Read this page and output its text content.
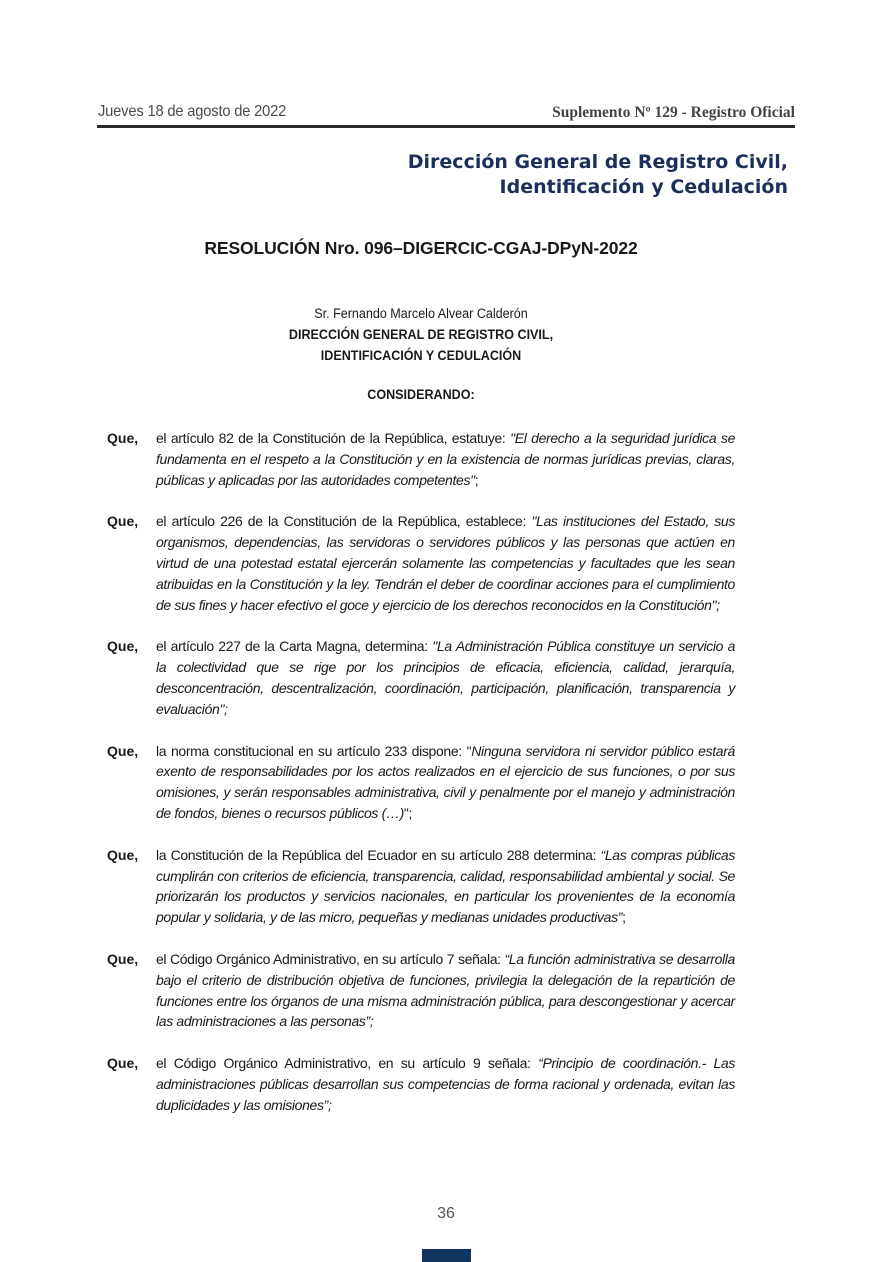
Jueves 18 de agosto de 2022	Suplemento Nº 129 - Registro Oficial
Dirección General de Registro Civil,
Identificación y Cedulación
RESOLUCIÓN Nro. 096–DIGERCIC-CGAJ-DPyN-2022
Sr. Fernando Marcelo Alvear Calderón
DIRECCIÓN GENERAL DE REGISTRO CIVIL,
IDENTIFICACIÓN Y CEDULACIÓN
CONSIDERANDO:
Que,	el artículo 82 de la Constitución de la República, estatuye: "El derecho a la seguridad jurídica se fundamenta en el respeto a la Constitución y en la existencia de normas jurídicas previas, claras, públicas y aplicadas por las autoridades competentes";
Que,	el artículo 226 de la Constitución de la República, establece: "Las instituciones del Estado, sus organismos, dependencias, las servidoras o servidores públicos y las personas que actúen en virtud de una potestad estatal ejercerán solamente las competencias y facultades que les sean atribuidas en la Constitución y la ley. Tendrán el deber de coordinar acciones para el cumplimiento de sus fines y hacer efectivo el goce y ejercicio de los derechos reconocidos en la Constitución";
Que,	el artículo 227 de la Carta Magna, determina: "La Administración Pública constituye un servicio a la colectividad que se rige por los principios de eficacia, eficiencia, calidad, jerarquía, desconcentración, descentralización, coordinación, participación, planificación, transparencia y evaluación";
Que,	la norma constitucional en su artículo 233 dispone: "Ninguna servidora ni servidor público estará exento de responsabilidades por los actos realizados en el ejercicio de sus funciones, o por sus omisiones, y serán responsables administrativa, civil y penalmente por el manejo y administración de fondos, bienes o recursos públicos (…)";
Que,	la Constitución de la República del Ecuador en su artículo 288 determina: “Las compras públicas cumplirán con criterios de eficiencia, transparencia, calidad, responsabilidad ambiental y social. Se priorizarán los productos y servicios nacionales, en particular los provenientes de la economía popular y solidaria, y de las micro, pequeñas y medianas unidades productivas”;
Que,	el Código Orgánico Administrativo, en su artículo 7 señala: “La función administrativa se desarrolla bajo el criterio de distribución objetiva de funciones, privilegia la delegación de la repartición de funciones entre los órganos de una misma administración pública, para descongestionar y acercar las administraciones a las personas”;
Que,	el Código Orgánico Administrativo, en su artículo 9 señala: “Principio de coordinación.- Las administraciones públicas desarrollan sus competencias de forma racional y ordenada, evitan las duplicidades y las omisiones”;
36
